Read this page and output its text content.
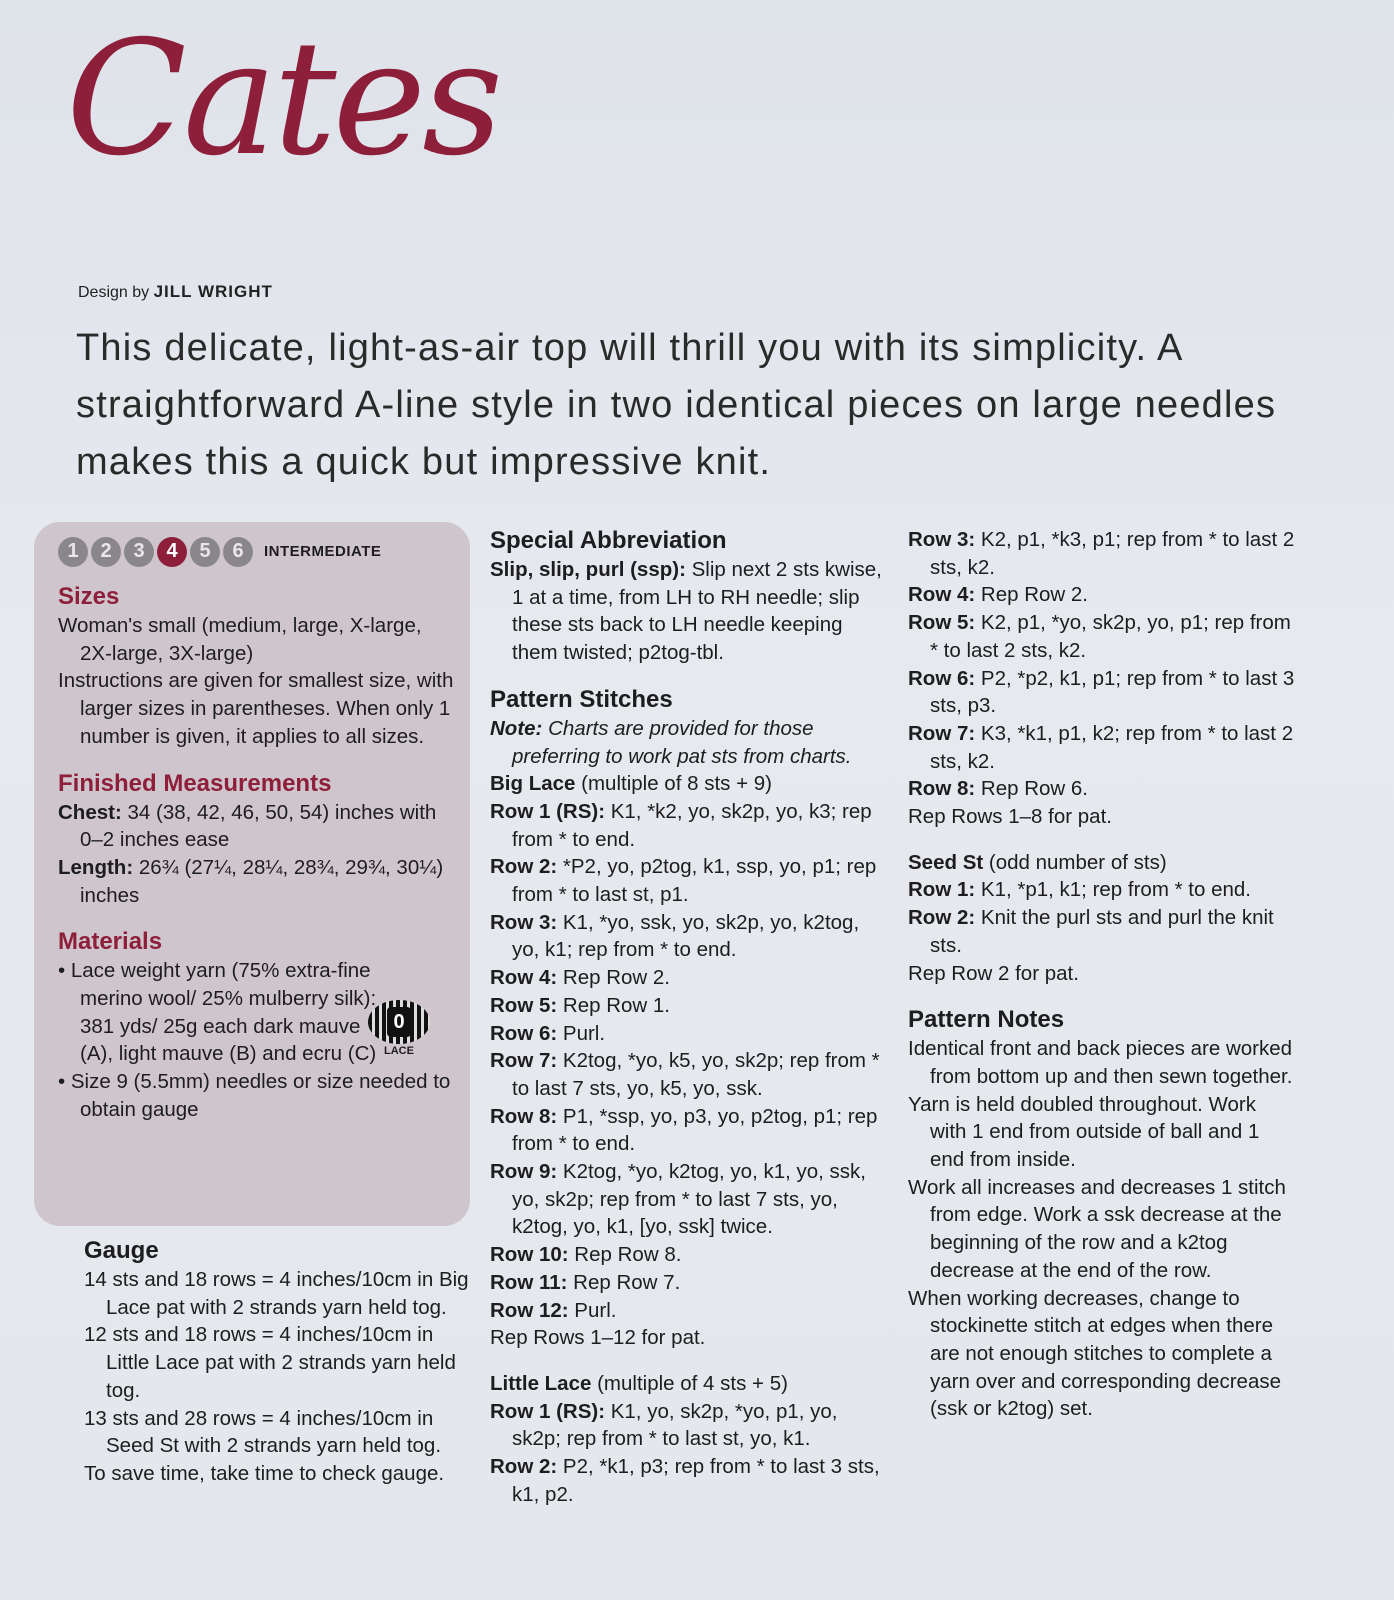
Cates
Design by JILL WRIGHT
This delicate, light-as-air top will thrill you with its simplicity. A straightforward A-line style in two identical pieces on large needles makes this a quick but impressive knit.
1	2	3	4	5	6	INTERMEDIATE

Sizes

Woman's small (medium, large, X-large, 2X-large, 3X-large)

Instructions are given for smallest size, with larger sizes in parentheses. When only 1 number is given, it applies to all sizes.

Finished Measurements

Chest: 34 (38, 42, 46, 50, 54) inches with 0–2 inches ease

Length: 26¾ (27¼, 28¼, 28¾, 29¾, 30¼) inches

Materials

• Lace weight yarn (75% extra-fine merino wool/ 25% mulberry silk): 381 yds/ 25g each dark mauve (A), light mauve (B) and ecru (C)

• Size 9 (5.5mm) needles or size needed to obtain gauge

0
LACE

Gauge

14 sts and 18 rows = 4 inches/10cm in Big Lace pat with 2 strands yarn held tog.

12 sts and 18 rows = 4 inches/10cm in Little Lace pat with 2 strands yarn held tog.

13 sts and 28 rows = 4 inches/10cm in Seed St with 2 strands yarn held tog.

To save time, take time to check gauge.

Special Abbreviation

Slip, slip, purl (ssp): Slip next 2 sts kwise, 1 at a time, from LH to RH needle; slip these sts back to LH needle keeping them twisted; p2tog-tbl.

Pattern Stitches

Note: Charts are provided for those preferring to work pat sts from charts.

Big Lace (multiple of 8 sts + 9)

Row 1 (RS): K1, *k2, yo, sk2p, yo, k3; rep from * to end.

Row 2: *P2, yo, p2tog, k1, ssp, yo, p1; rep from * to last st, p1.

Row 3: K1, *yo, ssk, yo, sk2p, yo, k2tog, yo, k1; rep from * to end.

Row 4: Rep Row 2.

Row 5: Rep Row 1.

Row 6: Purl.

Row 7: K2tog, *yo, k5, yo, sk2p; rep from * to last 7 sts, yo, k5, yo, ssk.

Row 8: P1, *ssp, yo, p3, yo, p2tog, p1; rep from * to end.

Row 9: K2tog, *yo, k2tog, yo, k1, yo, ssk, yo, sk2p; rep from * to last 7 sts, yo, k2tog, yo, k1, [yo, ssk] twice.

Row 10: Rep Row 8.

Row 11: Rep Row 7.

Row 12: Purl.

Rep Rows 1–12 for pat.

Little Lace (multiple of 4 sts + 5)

Row 1 (RS): K1, yo, sk2p, *yo, p1, yo, sk2p; rep from * to last st, yo, k1.

Row 2: P2, *k1, p3; rep from * to last 3 sts, k1, p2.

Row 3: K2, p1, *k3, p1; rep from * to last 2 sts, k2.

Row 4: Rep Row 2.

Row 5: K2, p1, *yo, sk2p, yo, p1; rep from * to last 2 sts, k2.

Row 6: P2, *p2, k1, p1; rep from * to last 3 sts, p3.

Row 7: K3, *k1, p1, k2; rep from * to last 2 sts, k2.

Row 8: Rep Row 6.

Rep Rows 1–8 for pat.

Seed St (odd number of sts)

Row 1: K1, *p1, k1; rep from * to end.

Row 2: Knit the purl sts and purl the knit sts.

Rep Row 2 for pat.

Pattern Notes

Identical front and back pieces are worked from bottom up and then sewn together.

Yarn is held doubled throughout. Work with 1 end from outside of ball and 1 end from inside.

Work all increases and decreases 1 stitch from edge. Work a ssk decrease at the beginning of the row and a k2tog decrease at the end of the row.

When working decreases, change to stockinette stitch at edges when there are not enough stitches to complete a yarn over and corresponding decrease (ssk or k2tog) set.
